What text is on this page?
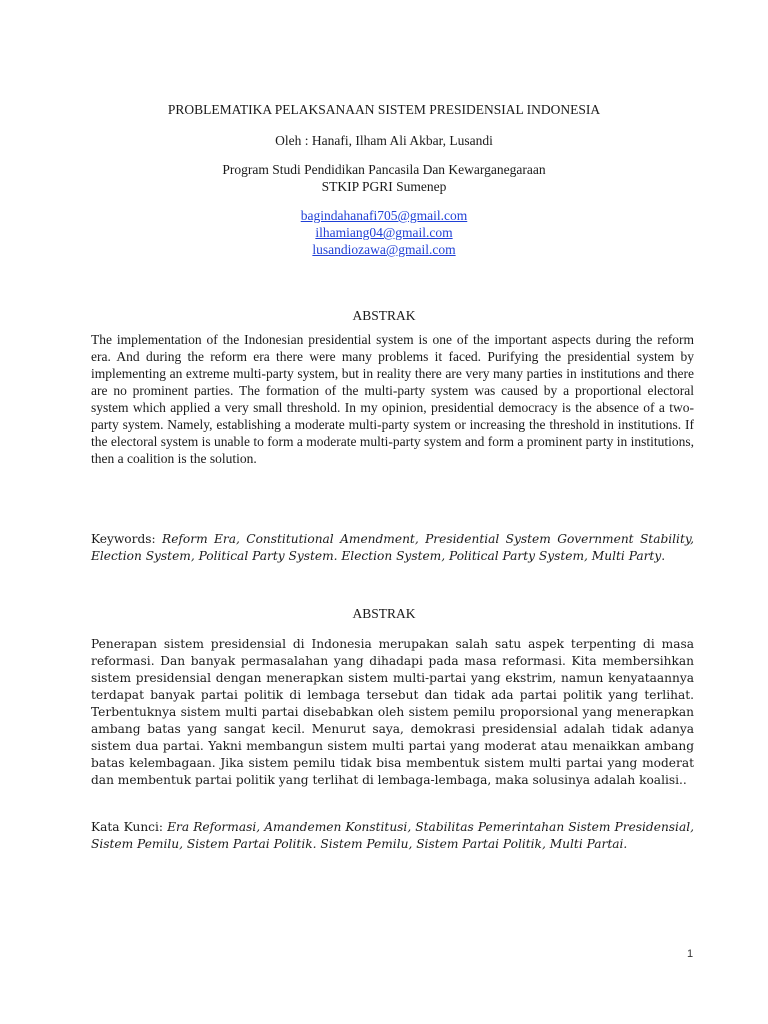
PROBLEMATIKA PELAKSANAAN SISTEM PRESIDENSIAL INDONESIA
Oleh : Hanafi, Ilham Ali Akbar, Lusandi
Program Studi Pendidikan Pancasila Dan Kewarganegaraan
STKIP PGRI Sumenep
bagindahanafi705@gmail.com
ilhamiang04@gmail.com
lusandiozawa@gmail.com
ABSTRAK

The implementation of the Indonesian presidential system is one of the important aspects during the reform era. And during the reform era there were many problems it faced. Purifying the presidential system by implementing an extreme multi-party system, but in reality there are very many parties in institutions and there are no prominent parties. The formation of the multi-party system was caused by a proportional electoral system which applied a very small threshold. In my opinion, presidential democracy is the absence of a two-party system. Namely, establishing a moderate multi-party system or increasing the threshold in institutions. If the electoral system is unable to form a moderate multi-party system and form a prominent party in institutions, then a coalition is the solution.

Keywords: Reform Era, Constitutional Amendment, Presidential System Government Stability, Election System, Political Party System. Election System, Political Party System, Multi Party.

ABSTRAK

Penerapan sistem presidensial di Indonesia merupakan salah satu aspek terpenting di masa reformasi. Dan banyak permasalahan yang dihadapi pada masa reformasi. Kita membersihkan sistem presidensial dengan menerapkan sistem multi-partai yang ekstrim, namun kenyataannya terdapat banyak partai politik di lembaga tersebut dan tidak ada partai politik yang terlihat. Terbentuknya sistem multi partai disebabkan oleh sistem pemilu proporsional yang menerapkan ambang batas yang sangat kecil. Menurut saya, demokrasi presidensial adalah tidak adanya sistem dua partai. Yakni membangun sistem multi partai yang moderat atau menaikkan ambang batas kelembagaan. Jika sistem pemilu tidak bisa membentuk sistem multi partai yang moderat dan membentuk partai politik yang terlihat di lembaga-lembaga, maka solusinya adalah koalisi..

Kata Kunci: Era Reformasi, Amandemen Konstitusi, Stabilitas Pemerintahan Sistem Presidensial, Sistem Pemilu, Sistem Partai Politik. Sistem Pemilu, Sistem Partai Politik, Multi Partai.

1
